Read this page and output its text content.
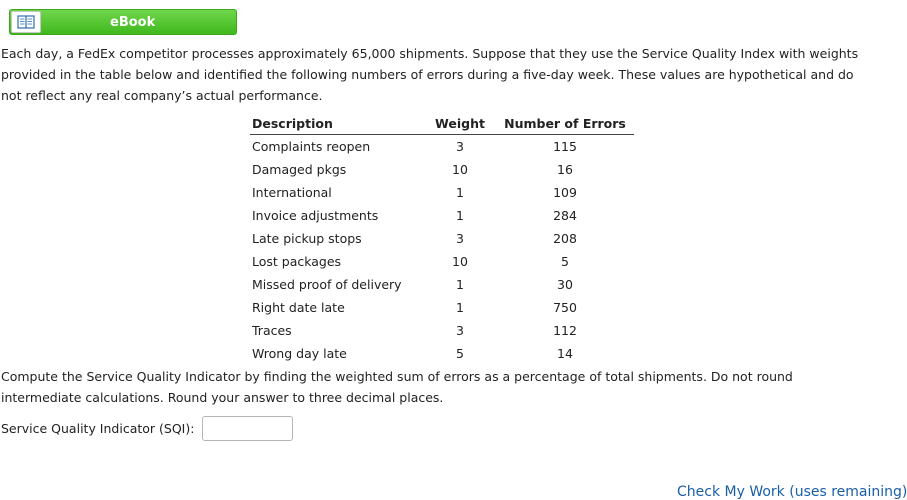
eBook

Each day, a FedEx competitor processes approximately 65,000 shipments. Suppose that they use the Service Quality Index with weights provided in the table below and identified the following numbers of errors during a five-day week. These values are hypothetical and do not reflect any real company’s actual performance.

Description	Weight	Number of Errors
Complaints reopen	3	115
Damaged pkgs	10	16
International	1	109
Invoice adjustments	1	284
Late pickup stops	3	208
Lost packages	10	5
Missed proof of delivery	1	30
Right date late	1	750
Traces	3	112
Wrong day late	5	14

Compute the Service Quality Indicator by finding the weighted sum of errors as a percentage of total shipments. Do not round intermediate calculations. Round your answer to three decimal places.

Service Quality Indicator (SQI):
Check My Work (uses remaining)
